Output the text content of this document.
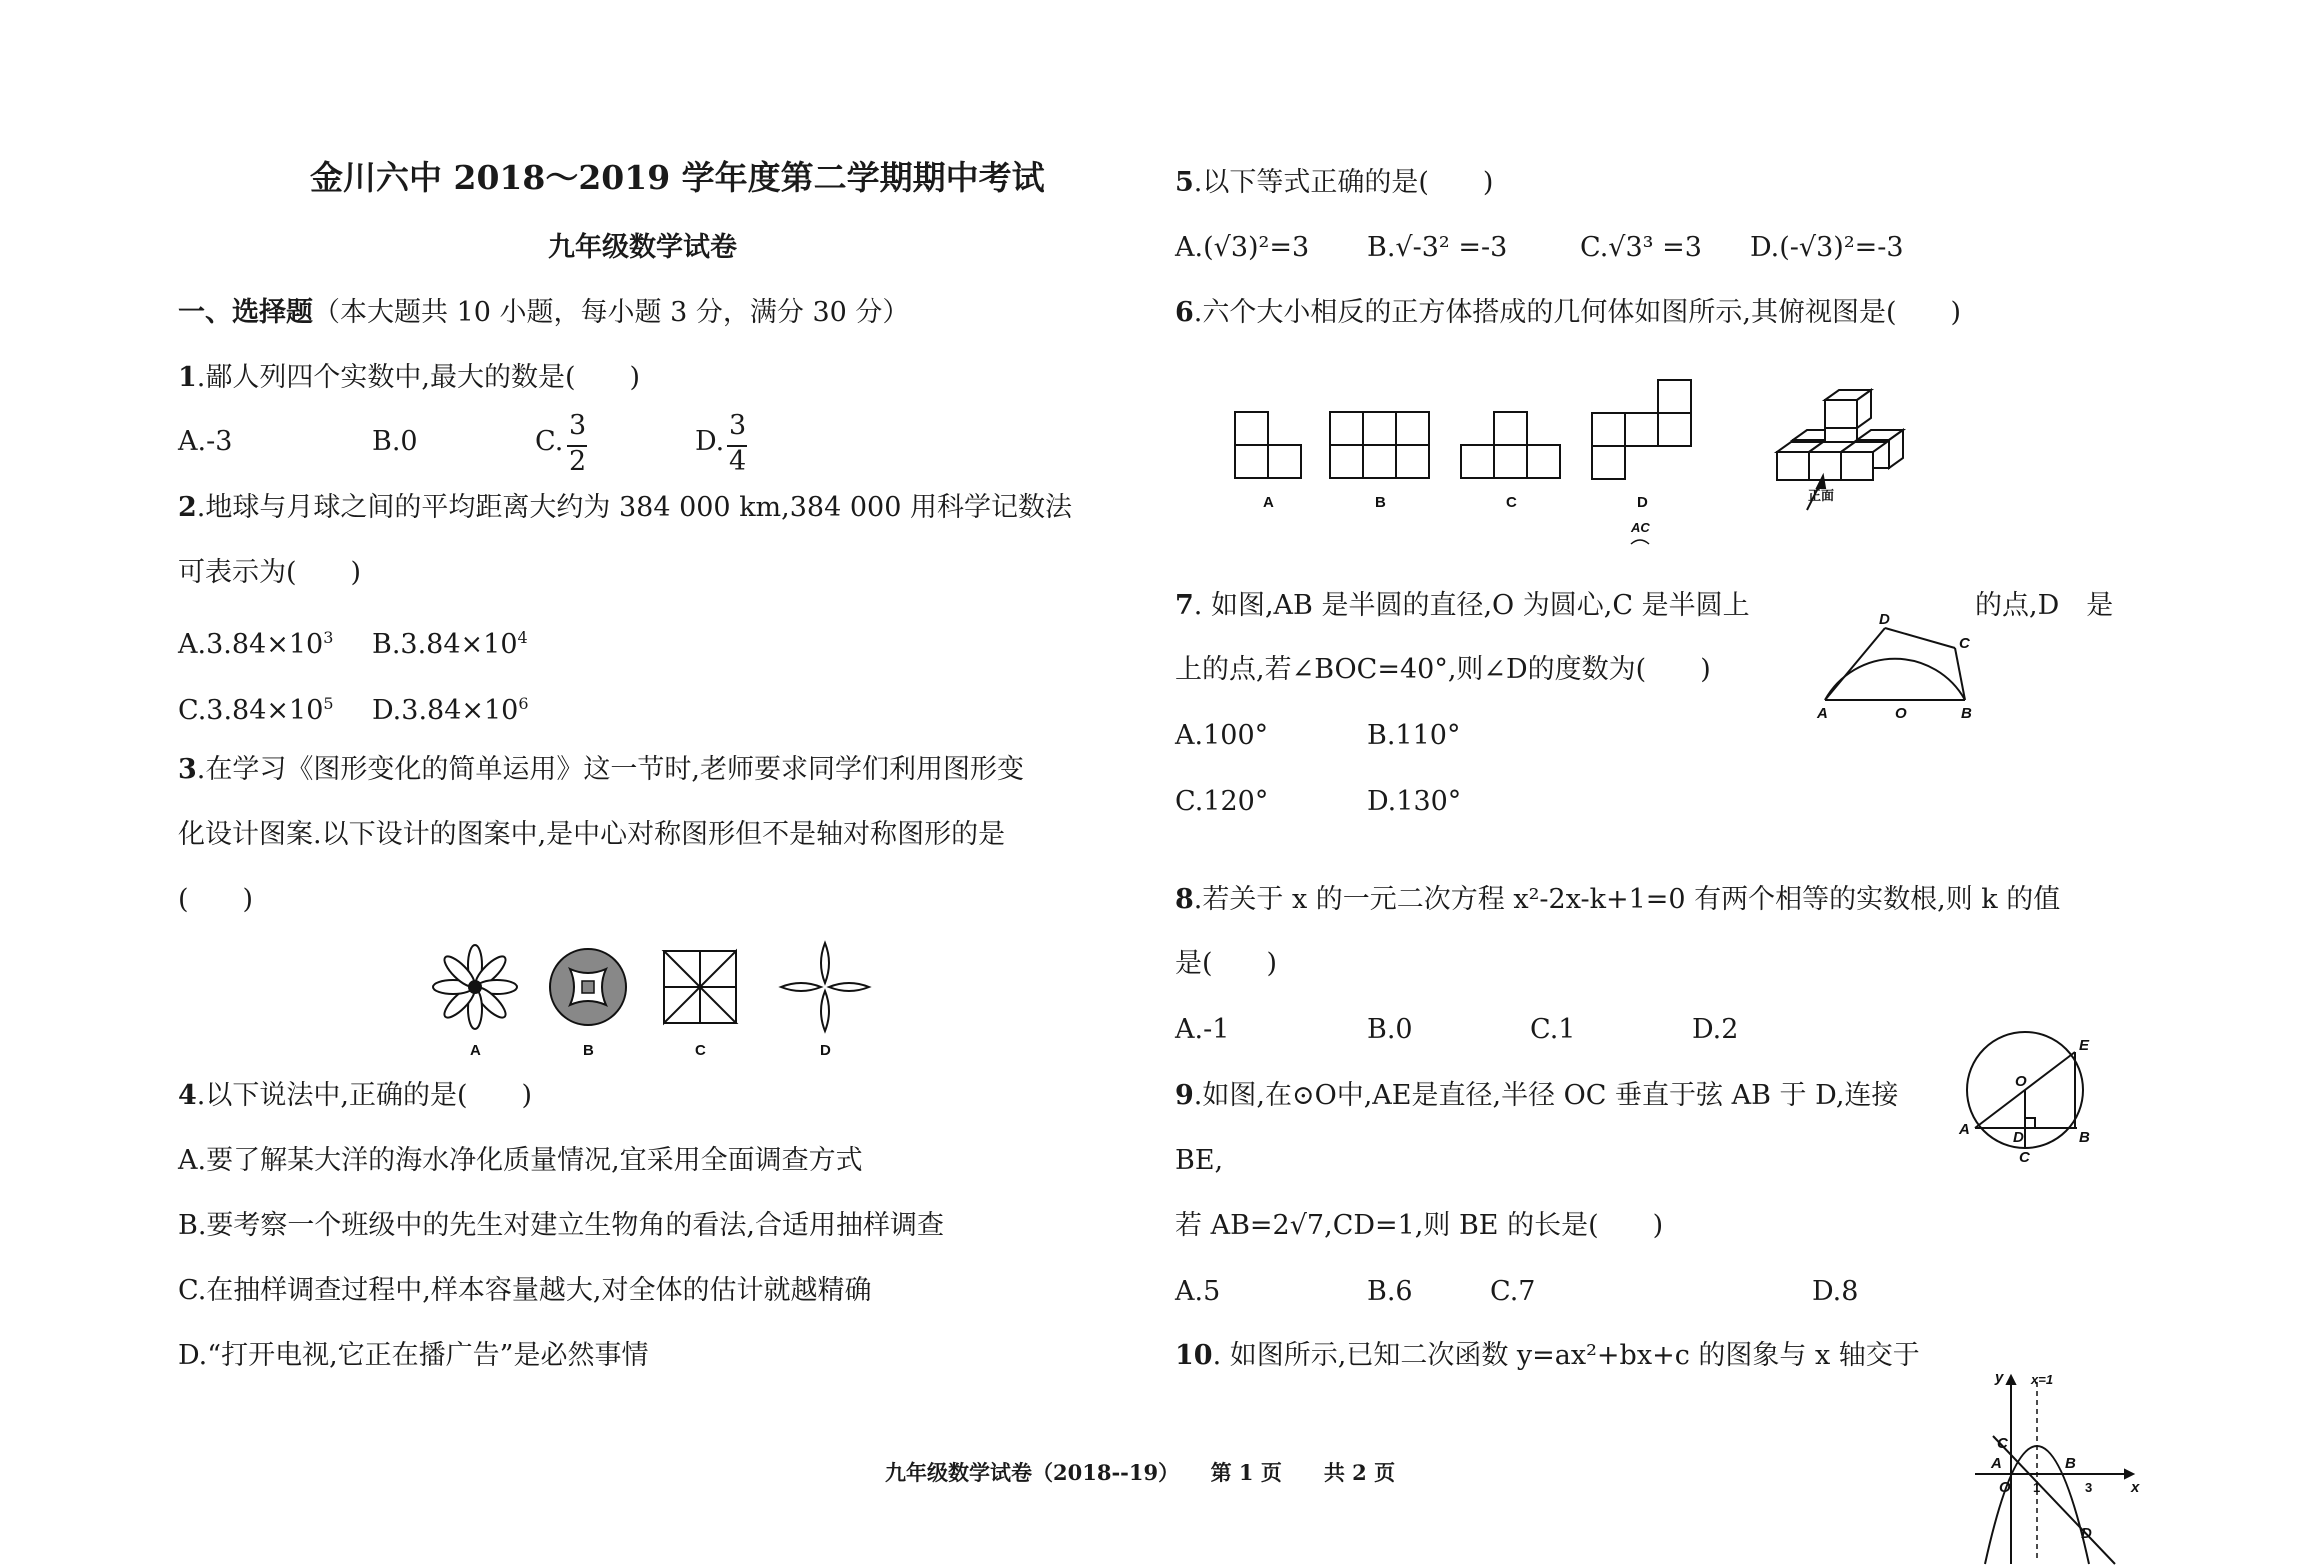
金川六中 2018～2019 学年度第二学期期中考试
九年级数学试卷
一、选择题（本大题共 10 小题，每小题 3 分，满分 30 分）
1.鄙人列四个实数中,最大的数是(　　)
A.-3	B.0	C.
3
2
D.
3
4
2.地球与月球之间的平均距离大约为 384 000 km,384 000 用科学记数法
可表示为(　　)
$A.3.84\times 10^3$ $B.3.84\times 10^4$
$C.3.84\times 10^5$ $D.3.84\times 10^6$
3.在学习《图形变化的简单运用》这一节时,老师要求同学们利用图形变
化设计图案.以下设计的图案中,是中心对称图形但不是轴对称图形的是
(　　)
A	B	C	D
4.以下说法中,正确的是(　　)
A.要了解某大洋的海水净化质量情况,宜采用全面调查方式
B.要考察一个班级中的先生对建立生物角的看法,合适用抽样调查
C.在抽样调查过程中,样本容量越大,对全体的估计就越精确
D.“打开电视,它正在播广告”是必然事情
5.以下等式正确的是(　　)
A.(√3)²=3 B.√-3² =-3	C.√3³ =3 D.(-√3)²=-3
6.六个大小相反的正方体搭成的几何体如图所示,其俯视图是(　　)
A	B	C	D
AC
正面
7. 如图,AB 是半圆的直径,O 为圆心,C 是半圆上	的点,D　是
上的点,若∠BOC=40°,则∠D的度数为(　　)
A.100°	B.110°
C.120°	D.130°
D
C
A	O	B
8.若关于 x 的一元二次方程 x²-2x-k+1=0 有两个相等的实数根,则 k 的值
是(　　)
A.-1	B.0	C.1	D.2
9.如图,在⊙O中,AE是直径,半径 OC 垂直于弦 AB 于 D,连接
BE,
若 AB=2√7,CD=1,则 BE 的长是(　　)
A.5	B.6	C.7	D.8
E
O
A	D	B
C
10. 如图所示,已知二次函数 y=ax²+bx+c 的图象与 x 轴交于
y x=1
C
A
O 1
B
3	x
D
九年级数学试卷（2018--19）　　第 1 页　　共 2 页
